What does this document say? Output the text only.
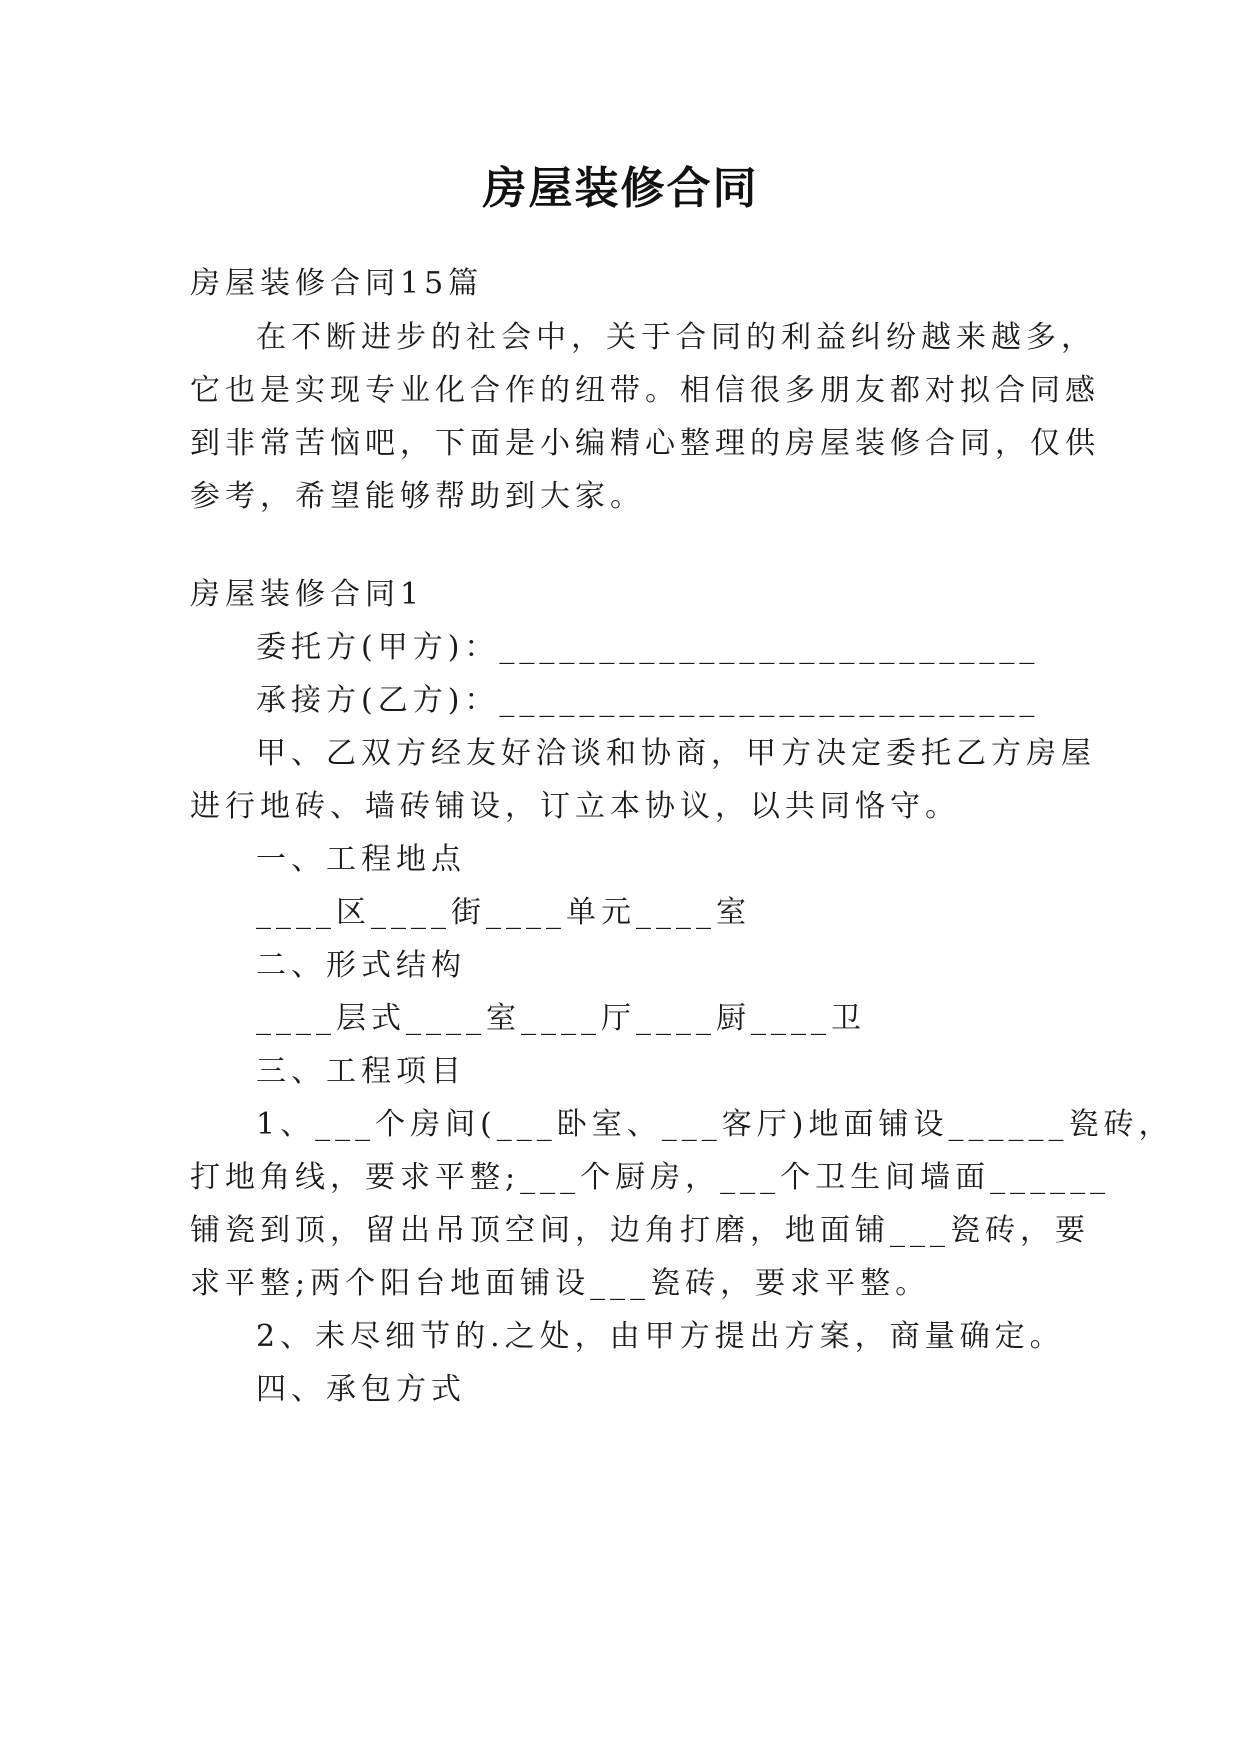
房屋装修合同
房屋装修合同15篇
在不断进步的社会中，关于合同的利益纠纷越来越多，
它也是实现专业化合作的纽带。相信很多朋友都对拟合同感
到非常苦恼吧，下面是小编精心整理的房屋装修合同，仅供
参考，希望能够帮助到大家。
房屋装修合同1
委托方(甲方)：___________________________
承接方(乙方)：___________________________
甲、乙双方经友好洽谈和协商，甲方决定委托乙方房屋
进行地砖、墙砖铺设，订立本协议，以共同恪守。
一、工程地点
____区____街____单元____室
二、形式结构
____层式____室____厅____厨____卫
三、工程项目
1、___个房间(___卧室、___客厅)地面铺设______瓷砖，
打地角线，要求平整;___个厨房，___个卫生间墙面______
铺瓷到顶，留出吊顶空间，边角打磨，地面铺___瓷砖，要
求平整;两个阳台地面铺设___瓷砖，要求平整。
2、未尽细节的.之处，由甲方提出方案，商量确定。
四、承包方式
